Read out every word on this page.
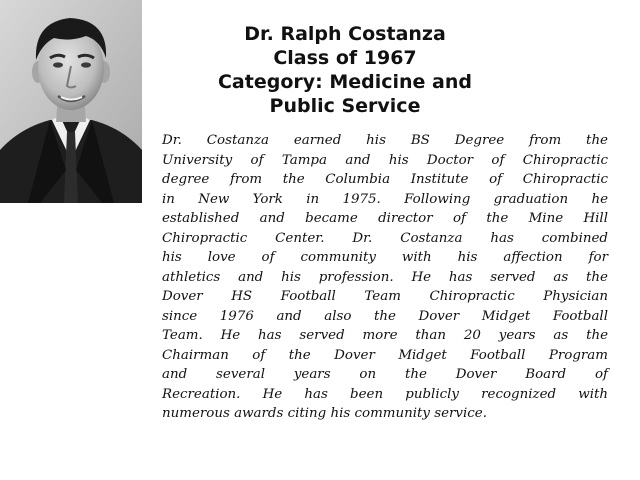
Dr. Ralph Costanza
Class of 1967
Category: Medicine and
Public Service
Dr. Costanza earned his BS Degree from the
University of Tampa and his Doctor of Chiropractic
degree from the Columbia Institute of Chiropractic
in New York in 1975. Following graduation he
established and became director of the Mine Hill
Chiropractic Center. Dr. Costanza has combined
his love of community with his affection for
athletics and his profession. He has served as the
Dover HS Football Team Chiropractic Physician
since 1976 and also the Dover Midget Football
Team. He has served more than 20 years as the
Chairman of the Dover Midget Football Program
and several years on the Dover Board of
Recreation. He has been publicly recognized with
numerous awards citing his community service.
